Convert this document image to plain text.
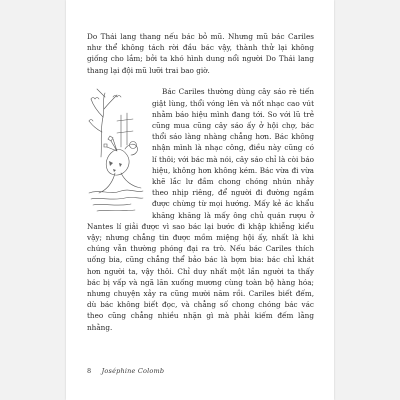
Do Thái lang thang nếu bác bỏ mũ. Nhưng mũ bác Cariles như thể không tách rời đầu bác vậy, thành thử lại không giống cho lắm; bởi ta khó hình dung nổi người Do Thái lang thang lại đội mũ lưỡi trai bao giờ.

Bác Cariles thường dùng cây sáo rè tiến giật lùng, thổi vóng lên và nốt nhạc cao vút nhằm báo hiệu mình đang tới. So với lũ trẻ cũng mua cũng cây sáo ấy ở hội chợ, bác thổi sáo làng nhàng chẳng hơn. Bác không nhận mình là nhạc công, điều này cũng có lí thôi; với bác mà nói, cây sáo chỉ là còi báo hiệu, không hơn không kém. Bác vừa đi vừa khẽ lắc lư đầm chong chóng nhún nhảy theo nhịp riêng, để người đi đường ngầm được chừng từ mọi hướng. Mấy kẻ ác khẩu khăng khăng là mấy ông chủ quán rượu ở Nantes lí giải được vì sao bác lại bước đi khập khiễng kiểu vậy; nhưng chẳng tin được mồm miệng hội ấy, nhất là khi chúng vẫn thường phóng đại ra trò. Nếu bác Cariles thích uống bia, cũng chẳng thể bảo bác là bợm bia: bác chỉ khát hơn người ta, vậy thôi. Chỉ duy nhất một lần người ta thấy bác bị vấp và ngã lăn xuống mương cùng toàn bộ hàng hóa; nhưng chuyện xảy ra cũng mười năm rồi. Cariles biết đếm, dù bác không biết đọc, và chẳng số chong chóng bác vác theo cũng chẳng nhiều nhặn gì mà phải kiếm đếm lằng nhằng.

8 Joséphine Colomb
